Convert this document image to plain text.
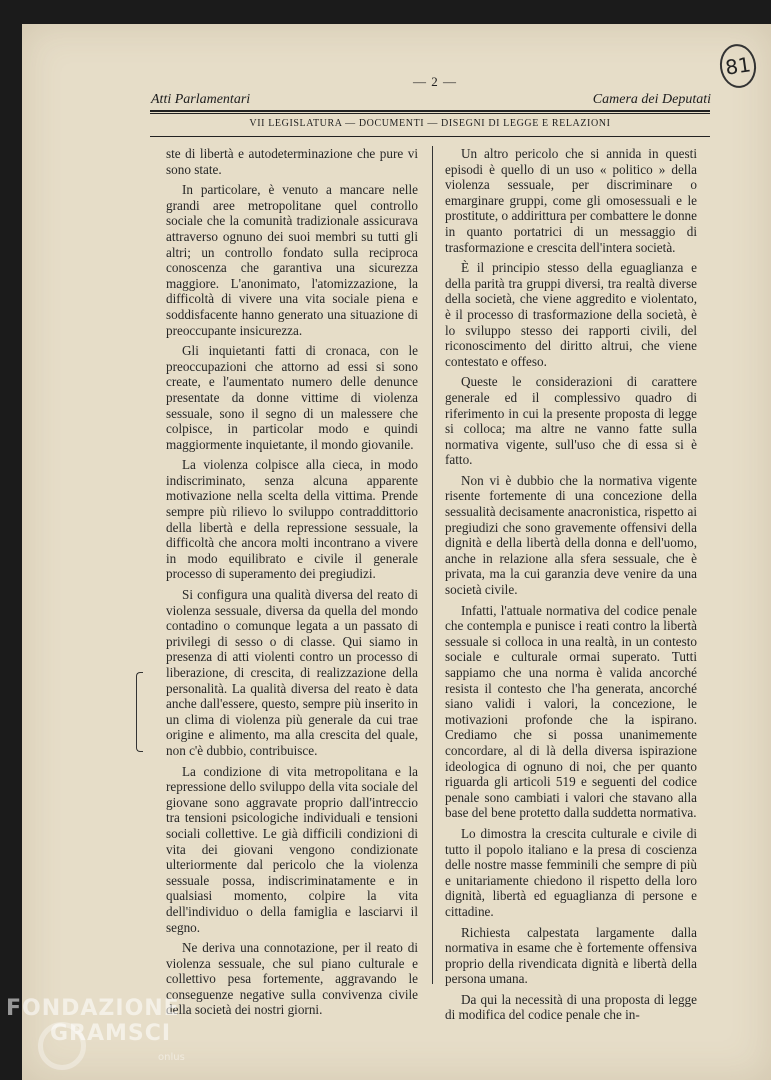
81
— 2 —
Atti Parlamentari	Camera dei Deputati
VII LEGISLATURA — DOCUMENTI — DISEGNI DI LEGGE E RELAZIONI

ste di libertà e autodeterminazione che pure vi sono state.

In particolare, è venuto a mancare nelle grandi aree metropolitane quel controllo sociale che la comunità tradizionale assicurava attraverso ognuno dei suoi membri su tutti gli altri; un controllo fondato sulla reciproca conoscenza che garantiva una sicurezza maggiore. L'anonimato, l'atomizzazione, la difficoltà di vivere una vita sociale piena e soddisfacente hanno generato una situazione di preoccupante insicurezza.

Gli inquietanti fatti di cronaca, con le preoccupazioni che attorno ad essi si sono create, e l'aumentato numero delle denunce presentate da donne vittime di violenza sessuale, sono il segno di un malessere che colpisce, in particolar modo e quindi maggiormente inquietante, il mondo giovanile.

La violenza colpisce alla cieca, in modo indiscriminato, senza alcuna apparente motivazione nella scelta della vittima. Prende sempre più rilievo lo sviluppo contraddittorio della libertà e della repressione sessuale, la difficoltà che ancora molti incontrano a vivere in modo equilibrato e civile il generale processo di superamento dei pregiudizi.

Si configura una qualità diversa del reato di violenza sessuale, diversa da quella del mondo contadino o comunque legata a un passato di privilegi di sesso o di classe. Qui siamo in presenza di atti violenti contro un processo di liberazione, di crescita, di realizzazione della personalità. La qualità diversa del reato è data anche dall'essere, questo, sempre più inserito in un clima di violenza più generale da cui trae origine e alimento, ma alla crescita del quale, non c'è dubbio, contribuisce.

La condizione di vita metropolitana e la repressione dello sviluppo della vita sociale del giovane sono aggravate proprio dall'intreccio tra tensioni psicologiche individuali e tensioni sociali collettive. Le già difficili condizioni di vita dei giovani vengono condizionate ulteriormente dal pericolo che la violenza sessuale possa, indiscriminatamente e in qualsiasi momento, colpire la vita dell'individuo o della famiglia e lasciarvi il segno.

Ne deriva una connotazione, per il reato di violenza sessuale, che sul piano culturale e collettivo pesa fortemente, aggravando le conseguenze negative sulla convivenza civile della società dei nostri giorni.

Un altro pericolo che si annida in questi episodi è quello di un uso « politico » della violenza sessuale, per discriminare o emarginare gruppi, come gli omosessuali e le prostitute, o addirittura per combattere le donne in quanto portatrici di un messaggio di trasformazione e crescita dell'intera società.

È il principio stesso della eguaglianza e della parità tra gruppi diversi, tra realtà diverse della società, che viene aggredito e violentato, è il processo di trasformazione della società, è lo sviluppo stesso dei rapporti civili, del riconoscimento del diritto altrui, che viene contestato e offeso.

Queste le considerazioni di carattere generale ed il complessivo quadro di riferimento in cui la presente proposta di legge si colloca; ma altre ne vanno fatte sulla normativa vigente, sull'uso che di essa si è fatto.

Non vi è dubbio che la normativa vigente risente fortemente di una concezione della sessualità decisamente anacronistica, rispetto ai pregiudizi che sono gravemente offensivi della dignità e della libertà della donna e dell'uomo, anche in relazione alla sfera sessuale, che è privata, ma la cui garanzia deve venire da una società civile.

Infatti, l'attuale normativa del codice penale che contempla e punisce i reati contro la libertà sessuale si colloca in una realtà, in un contesto sociale e culturale ormai superato. Tutti sappiamo che una norma è valida ancorché resista il contesto che l'ha generata, ancorché siano validi i valori, la concezione, le motivazioni profonde che la ispirano. Crediamo che si possa unanimemente concordare, al di là della diversa ispirazione ideologica di ognuno di noi, che per quanto riguarda gli articoli 519 e seguenti del codice penale sono cambiati i valori che stavano alla base del bene protetto dalla suddetta normativa.

Lo dimostra la crescita culturale e civile di tutto il popolo italiano e la presa di coscienza delle nostre masse femminili che sempre di più e unitariamente chiedono il rispetto della loro dignità, libertà ed eguaglianza di persone e cittadine.

Richiesta calpestata largamente dalla normativa in esame che è fortemente offensiva proprio della rivendicata dignità e libertà della persona umana.

Da qui la necessità di una proposta di legge di modifica del codice penale che in-

FONDAZIONE
GRAMSCI
onlus
